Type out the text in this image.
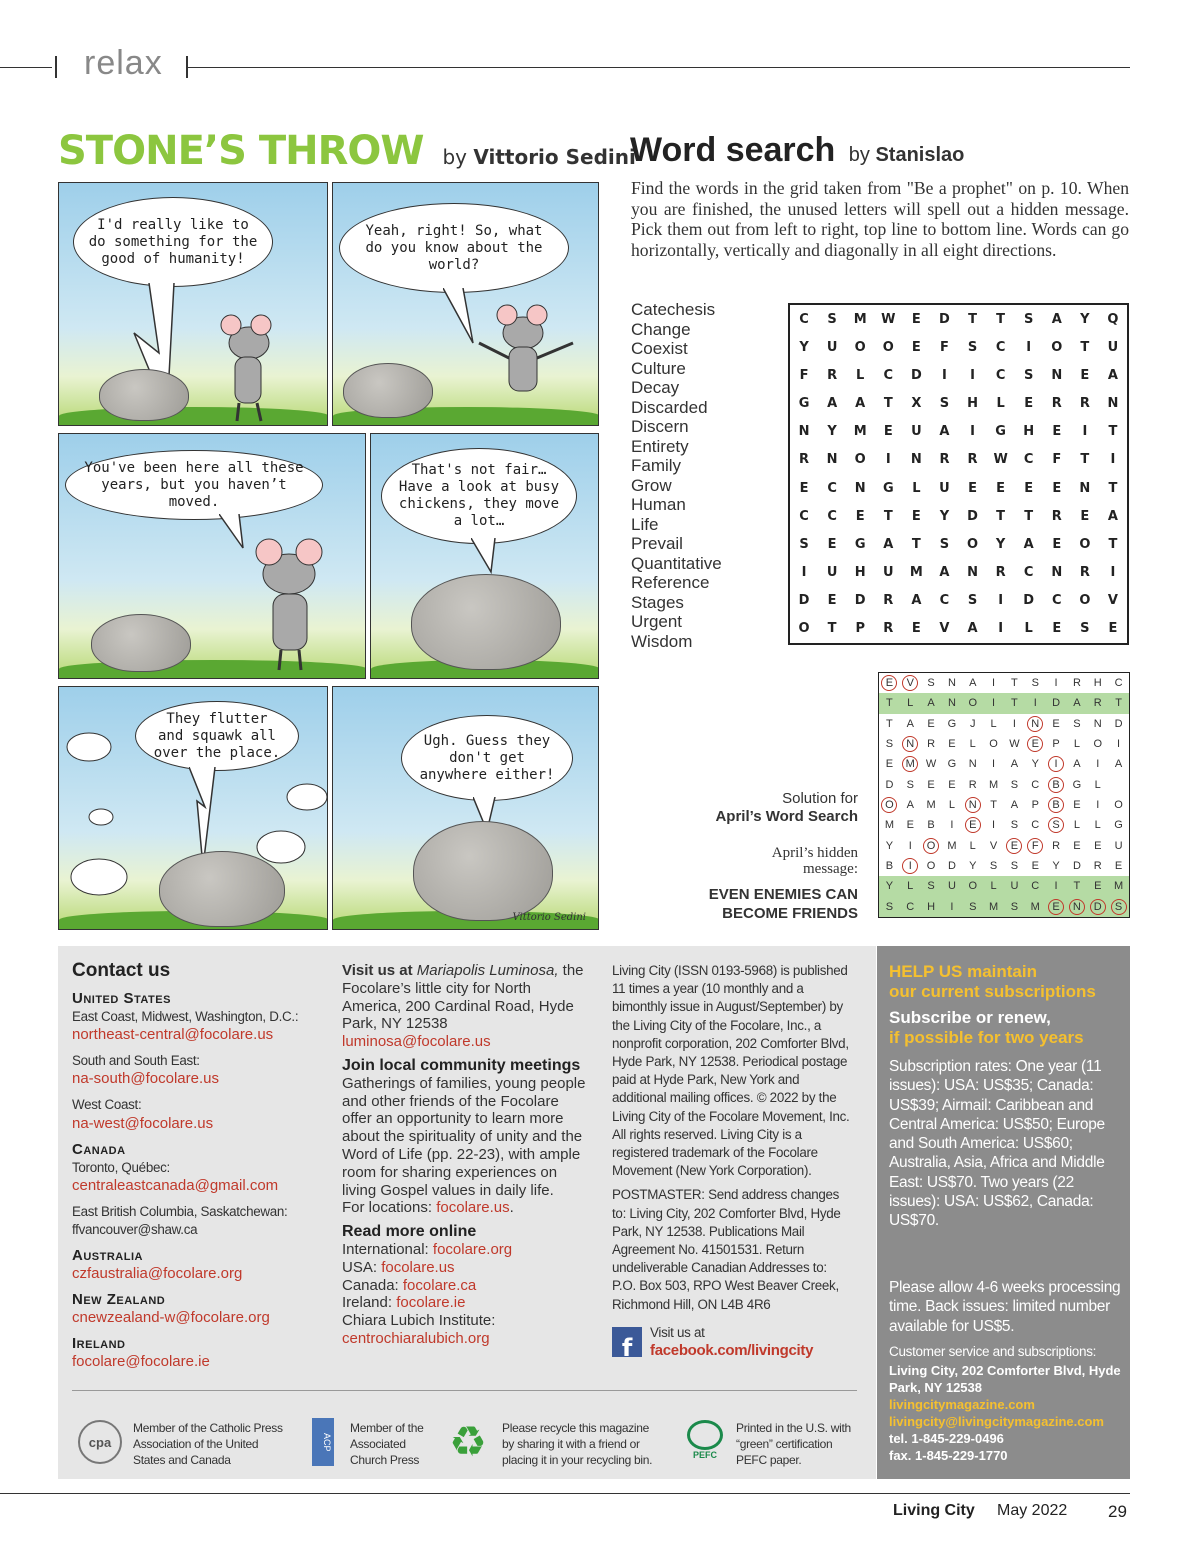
relax
STONE’S THROW by Vittorio Sedini
I'd really like to do something for the good of humanity!
Yeah, right! So, what do you know about the world?
You've been here all these years, but you haven’t moved.
That's not fair… Have a look at busy chickens, they move a lot…
They flutter and squawk all over the place.
Ugh. Guess they don't get anywhere either!
Vittorio Sedini
Word search by Stanislao
Find the words in the grid taken from "Be a prophet" on p. 10. When you are finished, the unused letters will spell out a hidden message. Pick them out from left to right, top line to bottom line. Words can go horizontally, vertically and diagonally in all eight directions.
Catechesis
Change
Coexist
Culture
Decay
Discarded
Discern
Entirety
Family
Grow
Human
Life
Prevail
Quantitative
Reference
Stages
Urgent
Wisdom
C	S	M	W	E	D	T	T	S	A	Y	Q
Y	U	O	O	E	F	S	C	I	O	T	U
F	R	L	C	D	I	I	C	S	N	E	A
G	A	A	T	X	S	H	L	E	R	R	N
N	Y	M	E	U	A	I	G	H	E	I	T
R	N	O	I	N	R	R	W	C	F	T	I
E	C	N	G	L	U	E	E	E	E	N	T
C	C	E	T	E	Y	D	T	T	R	E	A
S	E	G	A	T	S	O	Y	A	E	O	T
I	U	H	U	M	A	N	R	C	N	R	I
D	E	D	R	A	C	S	I	D	C	O	V
O	T	P	R	E	V	A	I	L	E	S	E
E	V	S	N	A	I	T	S	I	R	H	C
T	L	A	N	O	I	T	I	D	A	R	T
T	A	E	G	J	L	I	N	E	S	N	D
S	N	R	E	L	O	W	E	P	L	O	I
E	M	W	G	N	I	A	Y	I	A	I	A
D	S	E	E	R	M	S	C	B	G	L
O	A	M	L	N	T	A	P	B	E	I	O
M	E	B	I	E	I	S	C	S	L	L	G
Y	I	O	M	L	V	E	F	R	E	E	U
B	I	O	D	Y	S	S	E	Y	D	R	E
Y	L	S	U	O	L	U	C	I	T	E	M
S	C	H	I	S	M	S	M	E	N	D	S
Solution for
April’s Word Search
April’s hidden message:
EVEN ENEMIES CAN BECOME FRIENDS
Contact us
United States
East Coast, Midwest, Washington, D.C.:
northeast-central@focolare.us
South and South East:
na-south@focolare.us
West Coast:
na-west@focolare.us
Canada
Toronto, Québec:
centraleastcanada@gmail.com
East British Columbia, Saskatchewan:
ffvancouver@shaw.ca
Australia
czfaustralia@focolare.org
New Zealand
cnewzealand-w@focolare.org
Ireland
focolare@focolare.ie
Visit us at Mariapolis Luminosa, the Focolare’s little city for North America, 200 Cardinal Road, Hyde Park, NY 12538
luminosa@focolare.us
Join local community meetings
Gatherings of families, young people and other friends of the Focolare offer an opportunity to learn more about the spirituality of unity and the Word of Life (pp. 22-23), with ample room for sharing experiences on living Gospel values in daily life.
For locations: focolare.us.
Read more online
International: focolare.org
USA: focolare.us
Canada: focolare.ca
Ireland: focolare.ie
Chiara Lubich Institute:
centrochiaralubich.org
Living City (ISSN 0193-5968) is published 11 times a year (10 monthly and a bimonthly issue in August/September) by the Living City of the Focolare, Inc., a nonprofit corporation, 202 Comforter Blvd, Hyde Park, NY 12538. Periodical postage paid at Hyde Park, New York and additional mailing offices. © 2022 by the Living City of the Focolare Movement, Inc. All rights reserved. Living City is a registered trademark of the Focolare Movement (New York Corporation).
POSTMASTER: Send address changes to: Living City, 202 Comforter Blvd, Hyde Park, NY 12538. Publications Mail Agreement No. 41501531. Return undeliverable Canadian Addresses to: P.O. Box 503, RPO West Beaver Creek, Richmond Hill, ON L4B 4R6
f
Visit us at
facebook.com/livingcity
cpa
Member of the Catholic Press Association of the United States and Canada
ACP
Member of the Associated Church Press ♻ Please recycle this magazine by sharing it with a friend or placing it in your recycling bin.	PEFC
Printed in the U.S. with “green” certification PEFC paper.
HELP US maintain
our current subscriptions
Subscribe or renew,
if possible for two years
Subscription rates: One year (11 issues): USA: US$35; Canada: US$39; Airmail: Caribbean and Central America: US$50; Europe and South America: US$60; Australia, Asia, Africa and Middle East: US$70. Two years (22 issues): USA: US$62, Canada: US$70.
Please allow 4-6 weeks processing time. Back issues: limited number available for US$5.
Customer service and subscriptions:
Living City, 202 Comforter Blvd, Hyde Park, NY 12538
livingcitymagazine.com
livingcity@livingcitymagazine.com
tel. 1-845-229-0496
fax. 1-845-229-1770
Living City May 2022 29
